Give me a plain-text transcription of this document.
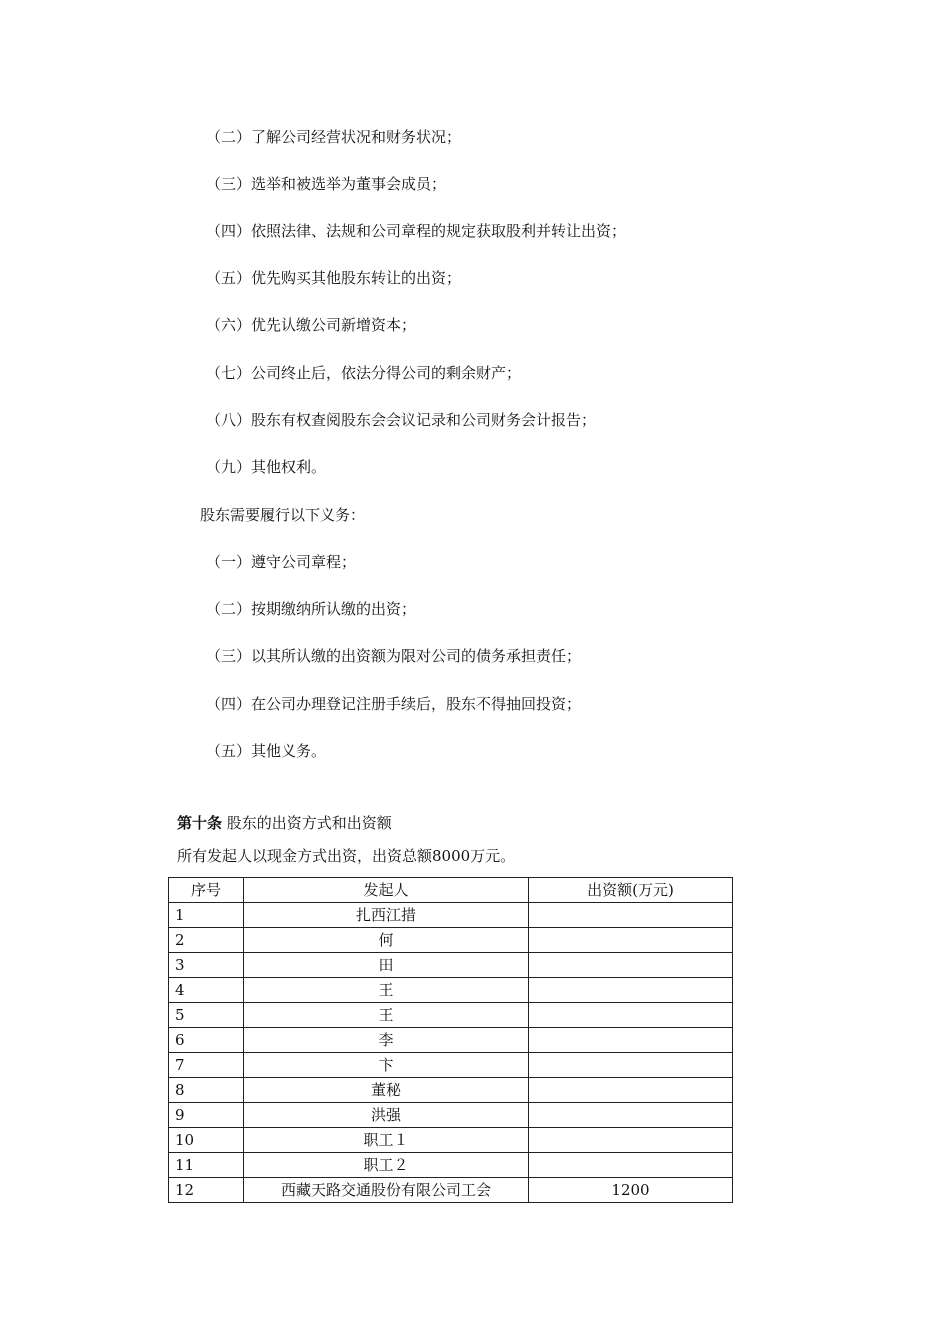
（二）了解公司经营状况和财务状况；
（三）选举和被选举为董事会成员；
（四）依照法律、法规和公司章程的规定获取股利并转让出资；
（五）优先购买其他股东转让的出资；
（六）优先认缴公司新增资本；
（七）公司终止后，依法分得公司的剩余财产；
（八）股东有权查阅股东会会议记录和公司财务会计报告；
（九）其他权利。
股东需要履行以下义务：
（一）遵守公司章程；
（二）按期缴纳所认缴的出资；
（三）以其所认缴的出资额为限对公司的债务承担责任；
（四）在公司办理登记注册手续后，股东不得抽回投资；
（五）其他义务。
第十条 股东的出资方式和出资额
所有发起人以现金方式出资，出资总额8000万元。
序号	发起人	出资额(万元)
1	扎西江措	
2	何	
3	田	
4	王	
5	王	
6	李	
7	卞	
8	董秘	
9	洪强	
10	职工１	
11	职工２	
12	西藏天路交通股份有限公司工会	1200
